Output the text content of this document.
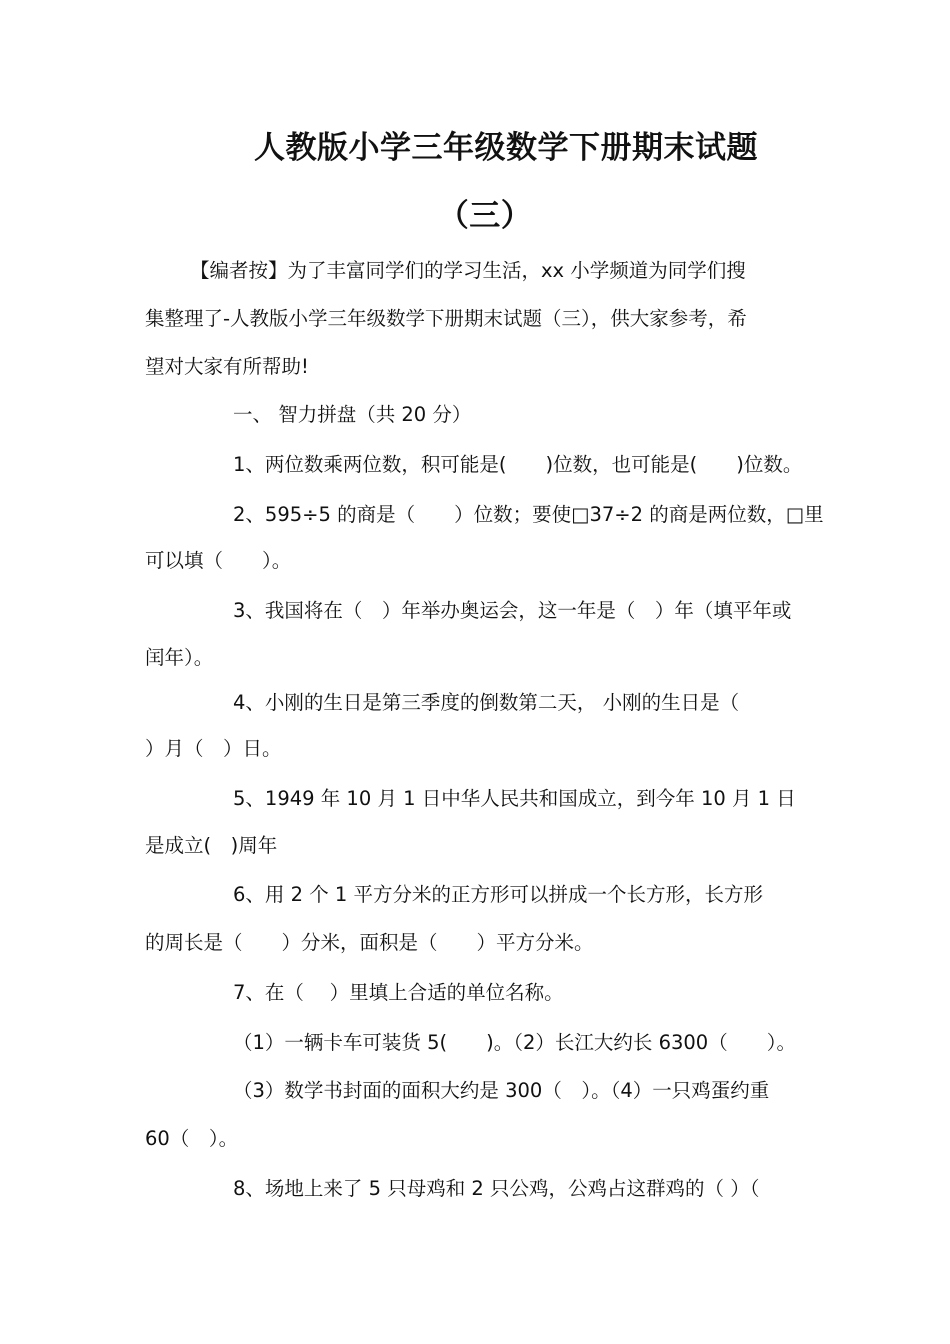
人教版小学三年级数学下册期末试题
（三）
【编者按】为了丰富同学们的学习生活，xx 小学频道为同学们搜
集整理了-人教版小学三年级数学下册期末试题（三），供大家参考，希
望对大家有所帮助!
一、 智力拼盘（共 20 分）
1、两位数乘两位数，积可能是(　　)位数，也可能是(　　)位数。
2、595÷5 的商是（　　）位数；要使□37÷2 的商是两位数，□里
可以填（　　）。
3、我国将在（　）年举办奥运会，这一年是（　）年（填平年或
闰年）。
4、小刚的生日是第三季度的倒数第二天， 小刚的生日是（
）月（　）日。
5、1949 年 10 月 1 日中华人民共和国成立，到今年 10 月 1 日
是成立(　)周年
6、用 2 个 1 平方分米的正方形可以拼成一个长方形，长方形
的周长是（　　）分米，面积是（　　）平方分米。
7、在（　 ）里填上合适的单位名称。
（1）一辆卡车可装货 5(　　)。（2）长江大约长 6300（　　）。
（3）数学书封面的面积大约是 300（　）。（4）一只鸡蛋约重
60（　）。
8、场地上来了 5 只母鸡和 2 只公鸡，公鸡占这群鸡的（ ）（
